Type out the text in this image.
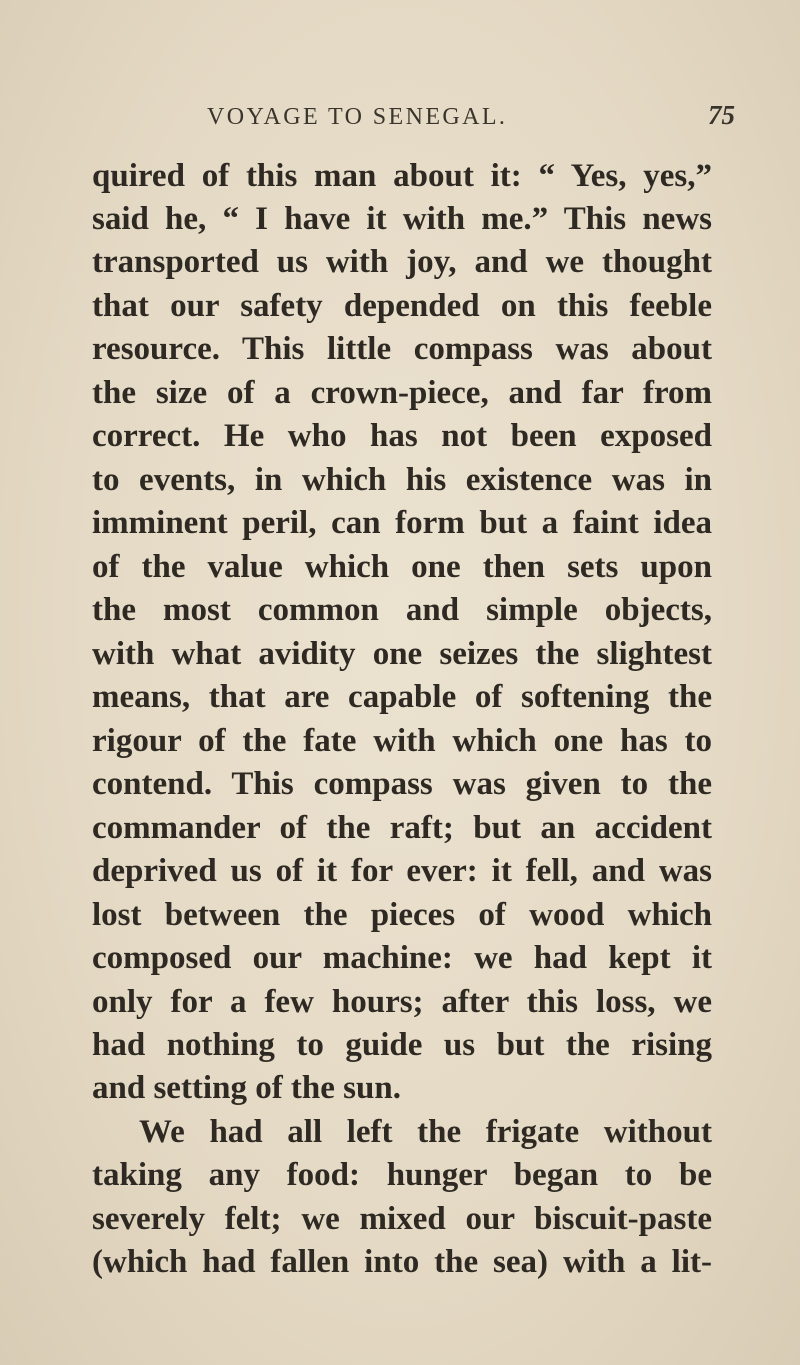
VOYAGE TO SENEGAL.	75
quired of this man about it: “ Yes, yes,”
said he, “ I have it with me.” This news
transported us with joy, and we thought
that our safety depended on this feeble
resource. This little compass was about
the size of a crown-piece, and far from
correct. He who has not been exposed
to events, in which his existence was in
imminent peril, can form but a faint idea
of the value which one then sets upon
the most common and simple objects,
with what avidity one seizes the slightest
means, that are capable of softening the
rigour of the fate with which one has to
contend. This compass was given to the
commander of the raft; but an accident
deprived us of it for ever: it fell, and was
lost between the pieces of wood which
composed our machine: we had kept it
only for a few hours; after this loss, we
had nothing to guide us but the rising
and setting of the sun.
We had all left the frigate without
taking any food: hunger began to be
severely felt; we mixed our biscuit-paste
(which had fallen into the sea) with a lit-
